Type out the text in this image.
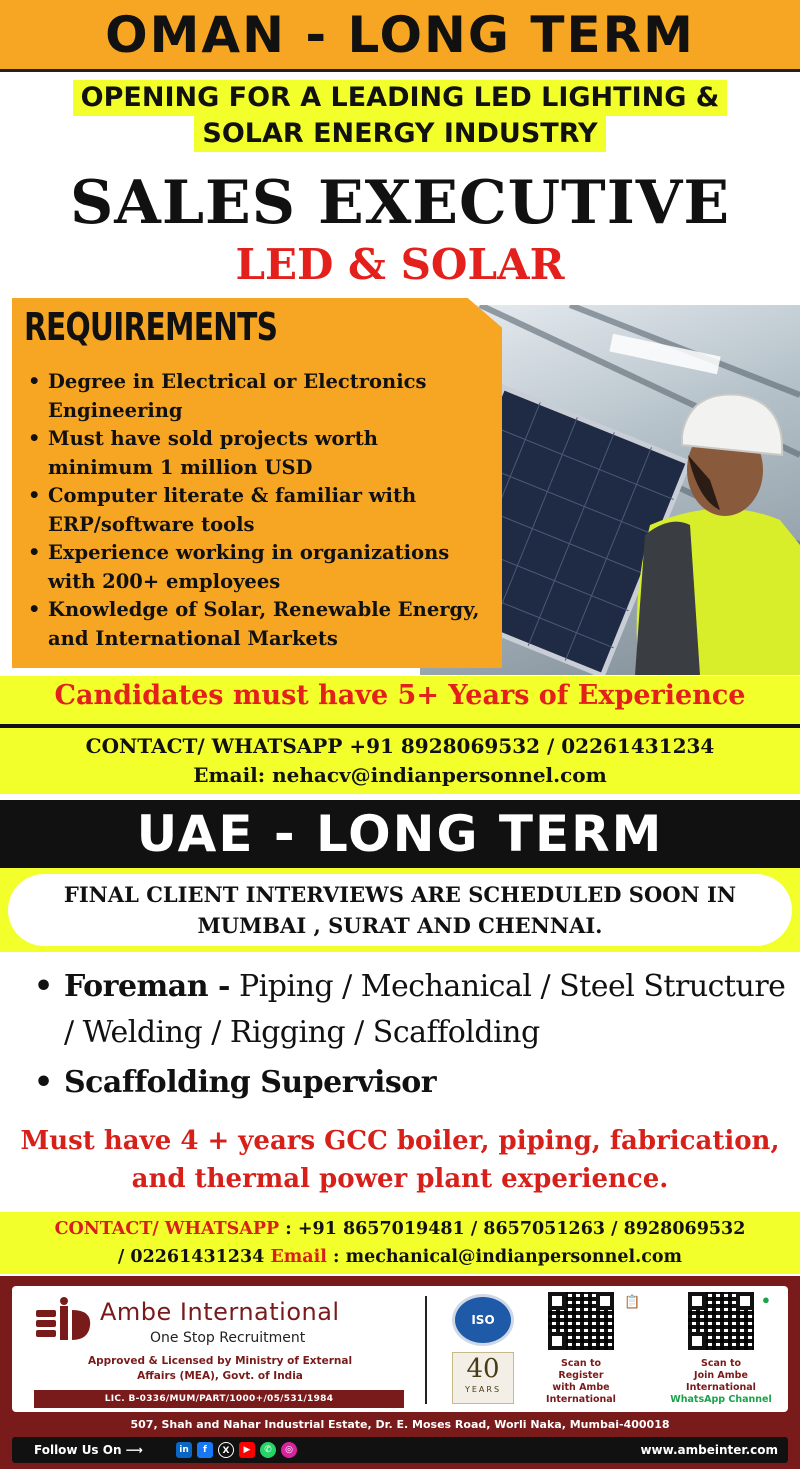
OMAN - LONG TERM
OPENING FOR A LEADING LED LIGHTING &
SOLAR ENERGY INDUSTRY
SALES EXECUTIVE
LED & SOLAR
REQUIREMENTS
• Degree in Electrical or Electronics
Engineering
• Must have sold projects worth
minimum 1 million USD
• Computer literate & familiar with
ERP/software tools
• Experience working in organizations
with 200+ employees
• Knowledge of Solar, Renewable Energy,
and International Markets
Candidates must have 5+ Years of Experience
CONTACT/ WHATSAPP +91 8928069532 / 02261431234
Email: nehacv@indianpersonnel.com
UAE - LONG TERM
FINAL CLIENT INTERVIEWS ARE SCHEDULED SOON IN
MUMBAI , SURAT AND CHENNAI.
• Foreman - Piping / Mechanical / Steel Structure
/ Welding / Rigging / Scaffolding
• Scaffolding Supervisor
Must have 4 + years GCC boiler, piping, fabrication,
and thermal power plant experience.
CONTACT/ WHATSAPP : +91 8657019481 / 8657051263 / 8928069532
/ 02261431234 Email : mechanical@indianpersonnel.com
Ambe International
One Stop Recruitment
Approved & Licensed by Ministry of External
Affairs (MEA), Govt. of India
LIC. B-0336/MUM/PART/1000+/05/531/1984
ISO
40
YEARS
📋
Scan to
Register
with Ambe
International
●
Scan to
Join Ambe
International
WhatsApp Channel
507, Shah and Nahar Industrial Estate, Dr. E. Moses Road, Worli Naka, Mumbai-400018
Follow Us On ⟶	in	f	X	▶	✆	◎	www.ambeinter.com
